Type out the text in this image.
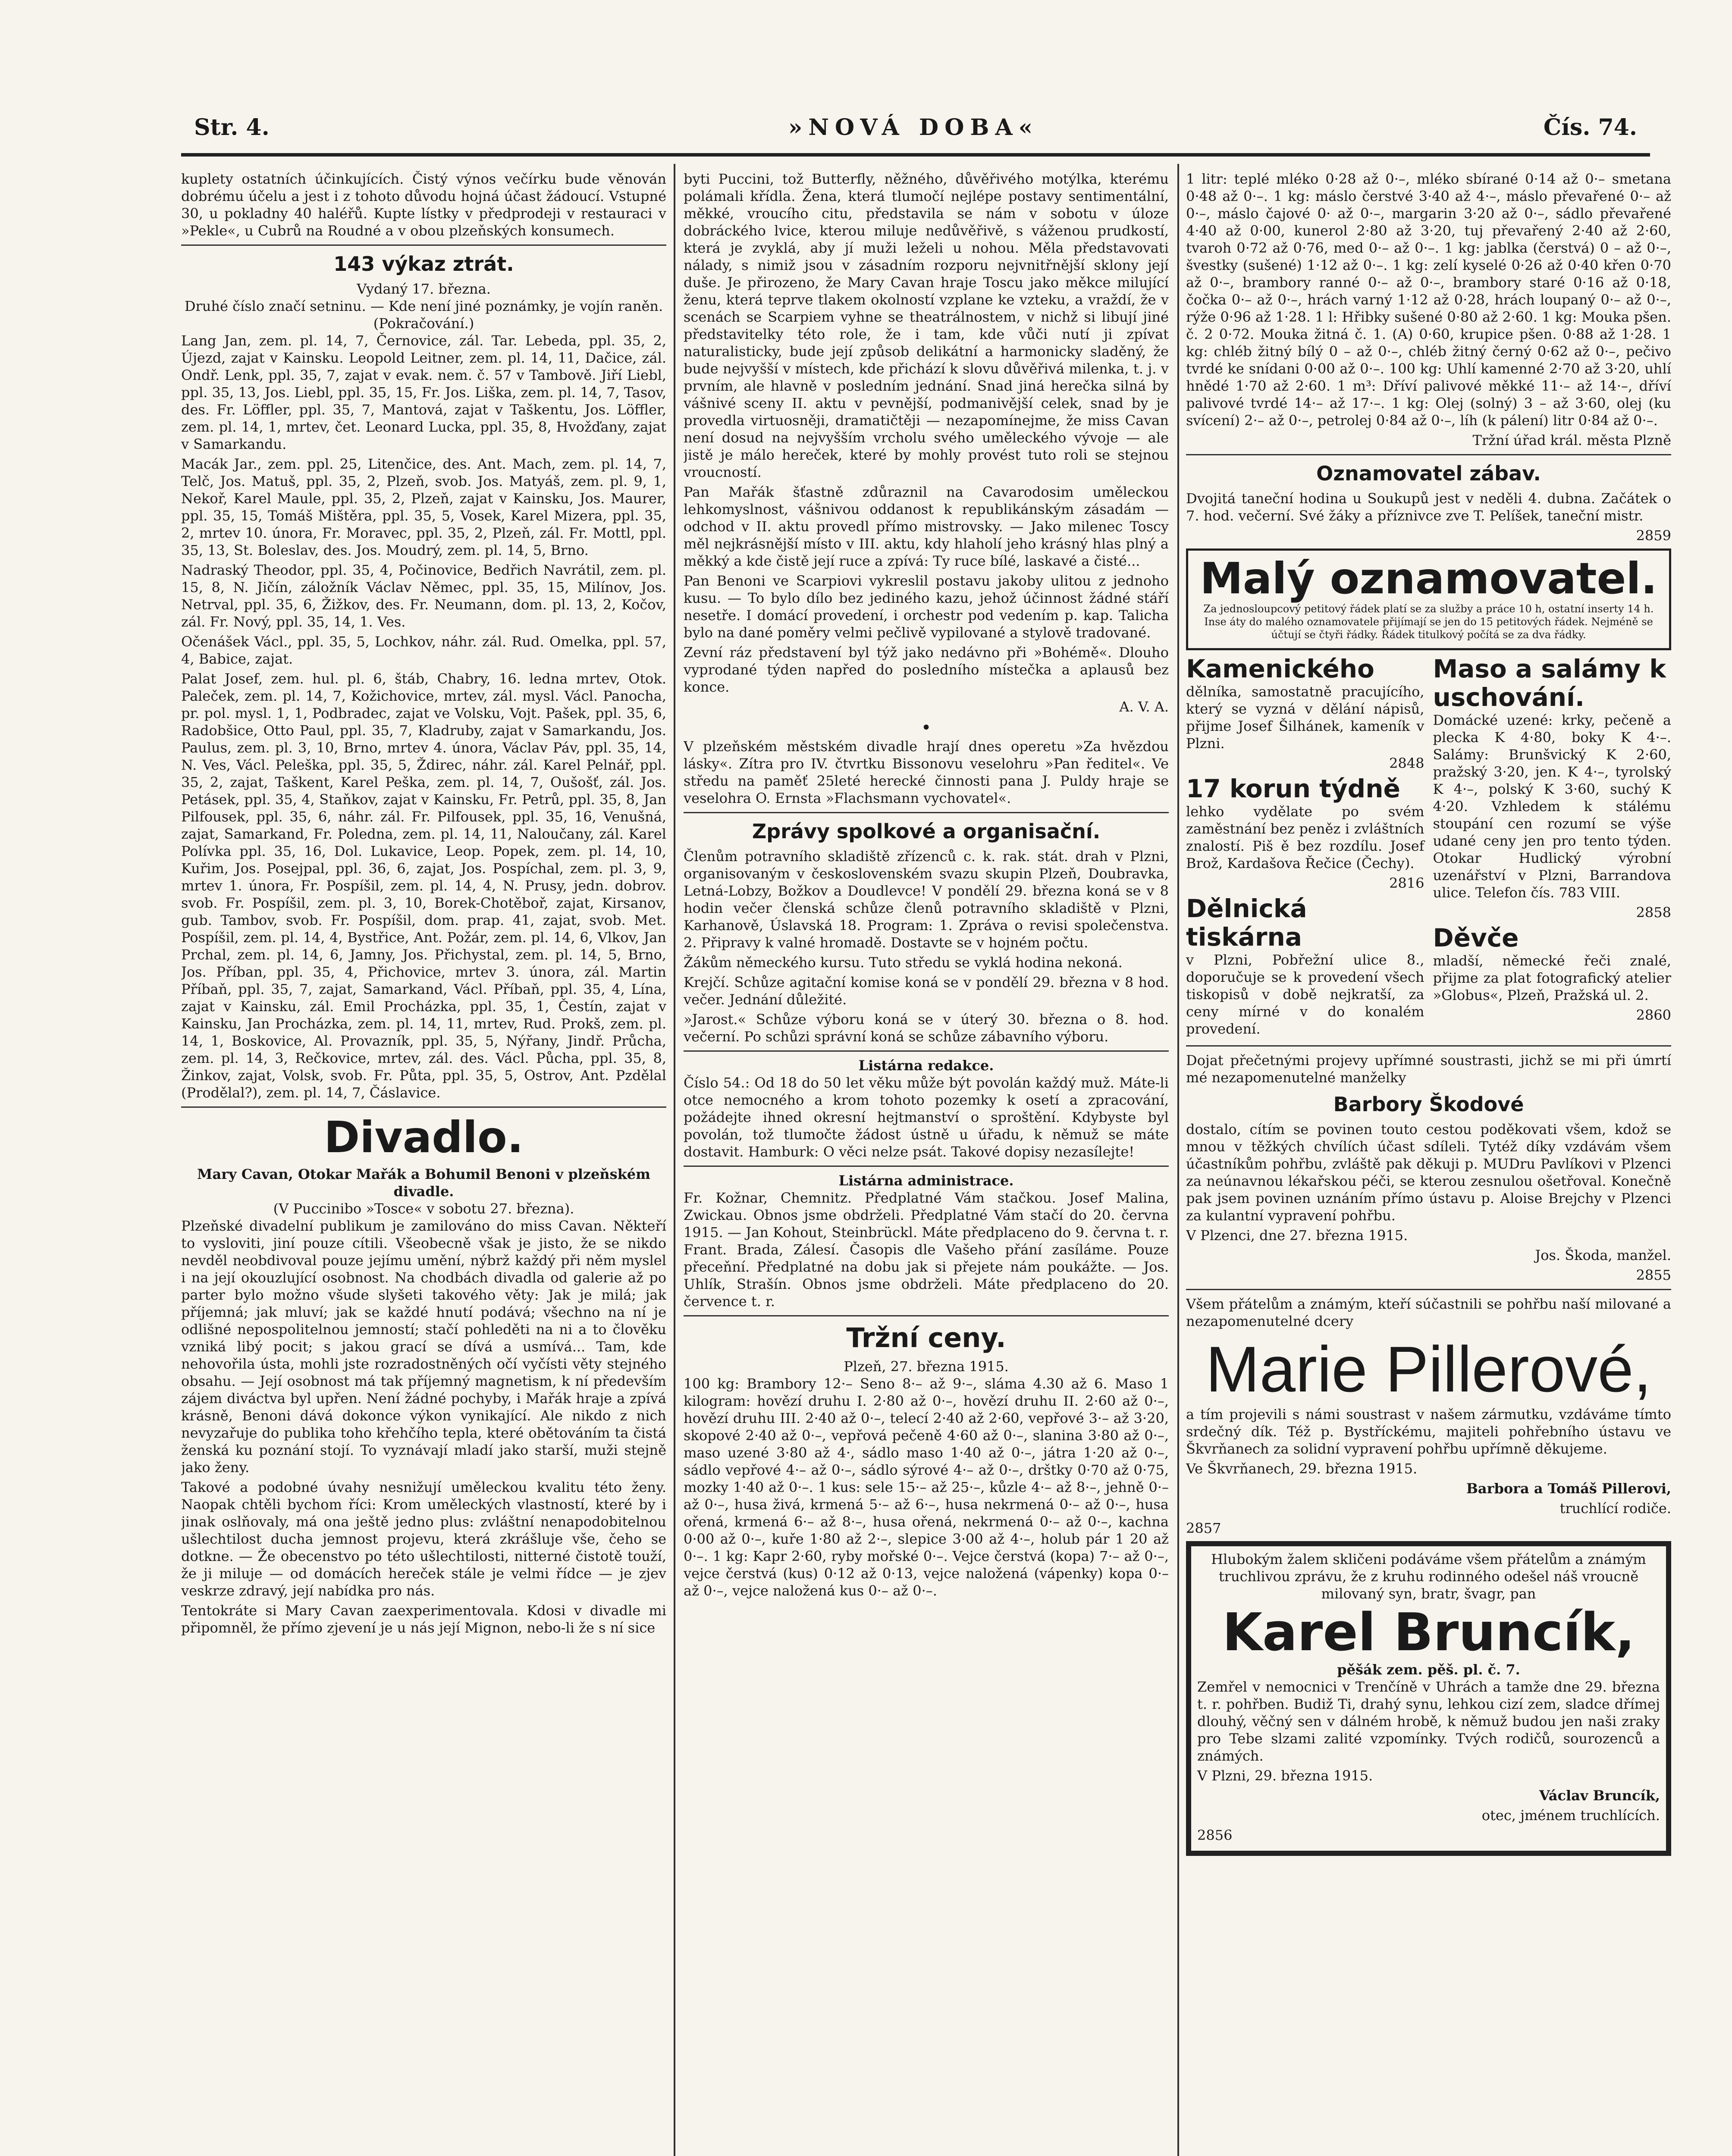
Str. 4.	»NOVÁ DOBA«	Čís. 74.

kuplety ostatních účinkujících. Čistý výnos večírku bude věnován dobrému účelu a jest i z tohoto důvodu hojná účast žádoucí. Vstupné 30, u pokladny 40 haléřů. Kupte lístky v předprodeji v restauraci v »Pekle«, u Cubrů na Roudné a v obou plzeňských konsumech.

143 výkaz ztrát.
Vydaný 17. března.
Druhé číslo značí setninu. — Kde není jiné poznámky, je vojín raněn. (Pokračování.)

Lang Jan, zem. pl. 14, 7, Černovice, zál. Tar. Lebeda, ppl. 35, 2, Újezd, zajat v Kainsku. Leopold Leitner, zem. pl. 14, 11, Dačice, zál. Ondř. Lenk, ppl. 35, 7, zajat v evak. nem. č. 57 v Tambově. Jiří Liebl, ppl. 35, 13, Jos. Liebl, ppl. 35, 15, Fr. Jos. Liška, zem. pl. 14, 7, Tasov, des. Fr. Löffler, ppl. 35, 7, Mantová, zajat v Taškentu, Jos. Löffler, zem. pl. 14, 1, mrtev, čet. Leonard Lucka, ppl. 35, 8, Hvožďany, zajat v Samarkandu.

Macák Jar., zem. ppl. 25, Litenčice, des. Ant. Mach, zem. pl. 14, 7, Telč, Jos. Matuš, ppl. 35, 2, Plzeň, svob. Jos. Matyáš, zem. pl. 9, 1, Nekoř, Karel Maule, ppl. 35, 2, Plzeň, zajat v Kainsku, Jos. Maurer, ppl. 35, 15, Tomáš Mištěra, ppl. 35, 5, Vosek, Karel Mizera, ppl. 35, 2, mrtev 10. února, Fr. Moravec, ppl. 35, 2, Plzeň, zál. Fr. Mottl, ppl. 35, 13, St. Boleslav, des. Jos. Moudrý, zem. pl. 14, 5, Brno.

Nadraský Theodor, ppl. 35, 4, Počinovice, Bedřich Navrátil, zem. pl. 15, 8, N. Jičín, záložník Václav Němec, ppl. 35, 15, Milínov, Jos. Netrval, ppl. 35, 6, Žižkov, des. Fr. Neumann, dom. pl. 13, 2, Kočov, zál. Fr. Nový, ppl. 35, 14, 1. Ves.

Očenášek Václ., ppl. 35, 5, Lochkov, náhr. zál. Rud. Omelka, ppl. 57, 4, Babice, zajat.

Palat Josef, zem. hul. pl. 6, štáb, Chabry, 16. ledna mrtev, Otok. Paleček, zem. pl. 14, 7, Kožichovice, mrtev, zál. mysl. Václ. Panocha, pr. pol. mysl. 1, 1, Podbradec, zajat ve Volsku, Vojt. Pašek, ppl. 35, 6, Radobšice, Otto Paul, ppl. 35, 7, Kladruby, zajat v Samarkandu, Jos. Paulus, zem. pl. 3, 10, Brno, mrtev 4. února, Václav Páv, ppl. 35, 14, N. Ves, Václ. Peleška, ppl. 35, 5, Ždirec, náhr. zál. Karel Pelnář, ppl. 35, 2, zajat, Taškent, Karel Peška, zem. pl. 14, 7, Oušošť, zál. Jos. Petásek, ppl. 35, 4, Staňkov, zajat v Kainsku, Fr. Petrů, ppl. 35, 8, Jan Pilfousek, ppl. 35, 6, náhr. zál. Fr. Pilfousek, ppl. 35, 16, Venušná, zajat, Samarkand, Fr. Poledna, zem. pl. 14, 11, Naloučany, zál. Karel Polívka ppl. 35, 16, Dol. Lukavice, Leop. Popek, zem. pl. 14, 10, Kuřim, Jos. Posejpal, ppl. 36, 6, zajat, Jos. Pospíchal, zem. pl. 3, 9, mrtev 1. února, Fr. Pospíšil, zem. pl. 14, 4, N. Prusy, jedn. dobrov. svob. Fr. Pospíšil, zem. pl. 3, 10, Borek-Chotěboř, zajat, Kirsanov, gub. Tambov, svob. Fr. Pospíšil, dom. prap. 41, zajat, svob. Met. Pospíšil, zem. pl. 14, 4, Bystřice, Ant. Požár, zem. pl. 14, 6, Vlkov, Jan Prchal, zem. pl. 14, 6, Jamny, Jos. Přichystal, zem. pl. 14, 5, Brno, Jos. Příban, ppl. 35, 4, Přichovice, mrtev 3. února, zál. Martin Příbaň, ppl. 35, 7, zajat, Samarkand, Václ. Příbaň, ppl. 35, 4, Lína, zajat v Kainsku, zál. Emil Procházka, ppl. 35, 1, Čestín, zajat v Kainsku, Jan Procházka, zem. pl. 14, 11, mrtev, Rud. Prokš, zem. pl. 14, 1, Boskovice, Al. Provazník, ppl. 35, 5, Nýřany, Jindř. Průcha, zem. pl. 14, 3, Rečkovice, mrtev, zál. des. Václ. Půcha, ppl. 35, 8, Žinkov, zajat, Volsk, svob. Fr. Půta, ppl. 35, 5, Ostrov, Ant. Pzdělal (Prodělal?), zem. pl. 14, 7, Čáslavice.

Divadlo.
Mary Cavan, Otokar Mařák a Bohumil Benoni v plzeňském divadle.
(V Puccinibo »Tosce« v sobotu 27. března).

Plzeňské divadelní publikum je zamilováno do miss Cavan. Někteří to vysloviti, jiní pouze cítili. Všeobecně však je jisto, že se nikdo nevděl neobdivoval pouze jejímu umění, nýbrž každý při něm myslel i na její okouzlující osobnost. Na chodbách divadla od galerie až po parter bylo možno všude slyšeti takového věty: Jak je milá; jak příjemná; jak mluví; jak se každé hnutí podává; všechno na ní je odlišné nepospolitelnou jemností; stačí pohleděti na ni a to člověku vzniká libý pocit; s jakou grací se dívá a usmívá... Tam, kde nehovořila ústa, mohli jste rozradostněných očí vyčísti věty stejného obsahu. — Její osobnost má tak příjemný magnetism, k ní především zájem diváctva byl upřen. Není žádné pochyby, i Mařák hraje a zpívá krásně, Benoni dává dokonce výkon vynikající. Ale nikdo z nich nevyzařuje do publika toho křehčího tepla, které obětováním ta čistá ženská ku poznání stojí. To vyznávají mladí jako starší, muži stejně jako ženy.

Takové a podobné úvahy nesnižují uměleckou kvalitu této ženy. Naopak chtěli bychom říci: Krom uměleckých vlastností, které by i jinak oslňovaly, má ona ještě jedno plus: zvláštní nenapodobitelnou ušlechtilost ducha jemnost projevu, která zkrášluje vše, čeho se dotkne. — Že obecenstvo po této ušlechtilosti, nitterné čistotě touží, že ji miluje — od domácích hereček stále je velmi řídce — je zjev veskrze zdravý, její nabídka pro nás.

Tentokráte si Mary Cavan zaexperimentovala. Kdosi v divadle mi připomněl, že přímo zjevení je u nás její Mignon, nebo-li že s ní sice

byti Puccini, tož Butterfly, něžného, důvěřivého motýlka, kterému polámali křídla. Žena, která tlumočí nejlépe postavy sentimentální, měkké, vroucího citu, představila se nám v sobotu v úloze dobráckého lvice, kterou miluje nedůvěřivě, s váženou prudkostí, která je zvyklá, aby jí muži leželi u nohou. Měla představovati nálady, s nimiž jsou v zásadním rozporu nejvnitřnější sklony její duše. Je přirozeno, že Mary Cavan hraje Toscu jako měkce milující ženu, která teprve tlakem okolností vzplane ke vzteku, a vraždí, že v scenách se Scarpiem vyhne se theatrálnostem, v nichž si libují jiné představitelky této role, že i tam, kde vůči nutí ji zpívat naturalisticky, bude její způsob delikátní a harmonicky sladěný, že bude nejvyšší v místech, kde přichází k slovu důvěřivá milenka, t. j. v prvním, ale hlavně v posledním jednání. Snad jiná herečka silná by vášnivé sceny II. aktu v pevnější, podmanivější celek, snad by je provedla virtuosněji, dramatičtěji — nezapomínejme, že miss Cavan není dosud na nejvyšším vrcholu svého uměleckého vývoje — ale jistě je málo hereček, které by mohly provést tuto roli se stejnou vroucností.

Pan Mařák šťastně zdůraznil na Cavarodosim uměleckou lehkomyslnost, vášnivou oddanost k republikánským zásadám — odchod v II. aktu provedl přímo mistrovsky. — Jako milenec Toscy měl nejkrásnější místo v III. aktu, kdy hlaholí jeho krásný hlas plný a měkký a kde čistě její ruce a zpívá: Ty ruce bílé, laskavé a čisté...

Pan Benoni ve Scarpiovi vykreslil postavu jakoby ulitou z jednoho kusu. — To bylo dílo bez jediného kazu, jehož účinnost žádné stáří nesetře. I domácí provedení, i orchestr pod vedením p. kap. Talicha bylo na dané poměry velmi pečlivě vypilované a stylově tradované.

Zevní ráz představení byl týž jako nedávno při »Bohémě«. Dlouho vyprodané týden napřed do posledního místečka a aplausů bez konce.

A. V. A.

•

V plzeňském městském divadle hrají dnes operetu »Za hvězdou lásky«. Zítra pro IV. čtvrtku Bissonovu veselohru »Pan ředitel«. Ve středu na paměť 25leté herecké činnosti pana J. Puldy hraje se veselohra O. Ernsta »Flachsmann vychovatel«.

Zprávy spolkové a organisační.

Členům potravního skladiště zřízenců c. k. rak. stát. drah v Plzni, organisovaným v československém svazu skupin Plzeň, Doubravka, Letná-Lobzy, Božkov a Doudlevce! V pondělí 29. března koná se v 8 hodin večer členská schůze členů potravního skladiště v Plzni, Karhanově, Úslavská 18. Program: 1. Zpráva o revisi společenstva. 2. Připravy k valné hromadě. Dostavte se v hojném počtu.

Žákům německého kursu. Tuto středu se vyklá hodina nekoná.

Krejčí. Schůze agitační komise koná se v pondělí 29. března v 8 hod. večer. Jednání důležité.

»Jarost.« Schůze výboru koná se v úterý 30. března o 8. hod. večerní. Po schůzi správní koná se schůze zábavního výboru.

Listárna redakce.

Číslo 54.: Od 18 do 50 let věku může být povolán každý muž. Máte-li otce nemocného a krom tohoto pozemky k osetí a zpracování, požádejte ihned okresní hejtmanství o sproštění. Kdybyste byl povolán, tož tlumočte žádost ústně u úřadu, k němuž se máte dostavit. Hamburk: O věci nelze psát. Takové dopisy nezasílejte!

Listárna administrace.

Fr. Kožnar, Chemnitz. Předplatné Vám stačkou. Josef Malina, Zwickau. Obnos jsme obdrželi. Předplatné Vám stačí do 20. června 1915. — Jan Kohout, Steinbrückl. Máte předplaceno do 9. června t. r. Frant. Brada, Zálesí. Časopis dle Vašeho přání zasíláme. Pouze přeceňní. Předplatné na dobu jak si přejete nám poukážte. — Jos. Uhlík, Strašín. Obnos jsme obdrželi. Máte předplaceno do 20. července t. r.

Tržní ceny.
Plzeň, 27. března 1915.

100 kg: Brambory 12·– Seno 8·– až 9·–, sláma 4.30 až 6. Maso 1 kilogram: hovězí druhu I. 2·80 až 0·–, hovězí druhu II. 2·60 až 0·–, hovězí druhu III. 2·40 až 0·–, telecí 2·40 až 2·60, vepřové 3·– až 3·20, skopové 2·40 až 0·–, vepřová pečeně 4·60 až 0·–, slanina 3·80 až 0·–, maso uzené 3·80 až 4·, sádlo maso 1·40 až 0·–, játra 1·20 až 0·–, sádlo vepřové 4·– až 0·–, sádlo sýrové 4·– až 0·–, drštky 0·70 až 0·75, mozky 1·40 až 0·–. 1 kus: sele 15·– až 25·–, kůzle 4·– až 8·–, jehně 0·– až 0·–, husa živá, krmená 5·– až 6·–, husa nekrmená 0·– až 0·–, husa ořená, krmená 6·– až 8·–, husa ořená, nekrmená 0·– až 0·–, kachna 0·00 až 0·–, kuře 1·80 až 2·–, slepice 3·00 až 4·–, holub pár 1 20 až 0·–. 1 kg: Kapr 2·60, ryby mořské 0·–. Vejce čerstvá (kopa) 7·– až 0·–, vejce čerstvá (kus) 0·12 až 0·13, vejce naložená (vápenky) kopa 0·– až 0·–, vejce naložená kus 0·– až 0·–.

1 litr: teplé mléko 0·28 až 0·–, mléko sbírané 0·14 až 0·– smetana 0·48 až 0·–. 1 kg: máslo čerstvé 3·40 až 4·–, máslo převařené 0·– až 0·–, máslo čajové 0· až 0·–, margarin 3·20 až 0·–, sádlo převařené 4·40 až 0·00, kunerol 2·80 až 3·20, tuj převařený 2·40 až 2·60, tvaroh 0·72 až 0·76, med 0·– až 0·–. 1 kg: jablka (čerstvá) 0 – až 0·–, švestky (sušené) 1·12 až 0·–. 1 kg: zelí kyselé 0·26 až 0·40 křen 0·70 až 0·–, brambory ranné 0·– až 0·–, brambory staré 0·16 až 0·18, čočka 0·– až 0·–, hrách varný 1·12 až 0·28, hrách loupaný 0·– až 0·–, rýže 0·96 až 1·28. 1 l: Hřibky sušené 0·80 až 2·60. 1 kg: Mouka pšen. č. 2 0·72. Mouka žitná č. 1. (A) 0·60, krupice pšen. 0·88 až 1·28. 1 kg: chléb žitný bílý 0 – až 0·–, chléb žitný černý 0·62 až 0·–, pečivo tvrdé ke snídani 0·00 až 0·–. 100 kg: Uhlí kamenné 2·70 až 3·20, uhlí hnědé 1·70 až 2·60. 1 m³: Dříví palivové měkké 11·– až 14·–, dříví palivové tvrdé 14·– až 17·–. 1 kg: Olej (solný) 3 – až 3·60, olej (ku svícení) 2·– až 0·–, petrolej 0·84 až 0·–, líh (k pálení) litr 0·84 až 0·–.

Tržní úřad král. města Plzně

Oznamovatel zábav.

Dvojitá taneční hodina u Soukupů jest v neděli 4. dubna. Začátek o 7. hod. večerní. Své žáky a příznivce zve T. Pelíšek, taneční mistr.

2859

Malý oznamovatel.

Za jednosloupcový petitový řádek platí se za služby a práce 10 h, ostatní inserty 14 h. Inse áty do malého oznamovatele přijímají se jen do 15 petitových řádek. Nejméně se účtují se čtyři řádky. Řádek titulkový počítá se za dva řádky.

Kamenického

dělníka, samostatně pracujícího, který se vyzná v dělání nápisů, přijme Josef Šilhánek, kameník v Plzni.

2848

17 korun týdně

lehko vydělate po svém zaměstnání bez peněz i zvláštních znalostí. Piš ě bez rozdílu. Josef Brož, Kardašova Řečice (Čechy).

2816

Dělnická tiskárna

v Plzni, Pobřežní ulice 8., doporučuje se k provedení všech tiskopisů v době nejkratší, za ceny mírné v do konalém provedení.

Maso a salámy k uschování.

Domácké uzené: krky, pečeně a plecka K 4·80, boky K 4·–. Salámy: Brunšvický K 2·60, pražský 3·20, jen. K 4·–, tyrolský K 4·–, polský K 3·60, suchý K 4·20. Vzhledem k stálému stoupání cen rozumí se výše udané ceny jen pro tento týden. Otokar Hudlický výrobní uzenářství v Plzni, Barrandova ulice. Telefon čís. 783 VIII.

2858

Děvče

mladší, německé řeči znalé, přijme za plat fotografický atelier »Globus«, Plzeň, Pražská ul. 2.

2860

Dojat přečetnými projevy upřímné soustrasti, jichž se mi při úmrtí mé nezapomenutelné manželky

Barbory Škodové

dostalo, cítím se povinen touto cestou poděkovati všem, kdož se mnou v těžkých chvílích účast sdíleli. Tytéž díky vzdávám všem účastníkům pohřbu, zvláště pak děkuji p. MUDru Pavlíkovi v Plzenci za neúnavnou lékařskou péči, se kterou zesnulou ošetřoval. Konečně pak jsem povinen uznáním přímo ústavu p. Aloise Brejchy v Plzenci za kulantní vypravení pohřbu.

V Plzenci, dne 27. března 1915.

Jos. Škoda, manžel.

2855

Všem přátelům a známým, kteří súčastnili se pohřbu naší milované a nezapomenutelné dcery

Marie Pillerové,

a tím projevili s námi soustrast v našem zármutku, vzdáváme tímto srdečný dík. Též p. Bystříckému, majiteli pohřebního ústavu ve Škvrňanech za solidní vypravení pohřbu upřímně děkujeme.

Ve Škvrňanech, 29. března 1915.

Barbora a Tomáš Pillerovi,

truchlící rodiče.

2857

Hlubokým žalem skličeni podáváme všem přátelům a známým truchlivou zprávu, že z kruhu rodinného odešel náš vroucně milovaný syn, bratr, švagr, pan

Karel Bruncík,
pěšák zem. pěš. pl. č. 7.

Zemřel v nemocnici v Trenčíně v Uhrách a tamže dne 29. března t. r. pohřben. Budiž Ti, drahý synu, lehkou cizí zem, sladce dřímej dlouhý, věčný sen v dálném hrobě, k němuž budou jen naši zraky pro Tebe slzami zalité vzpomínky. Tvých rodičů, sourozenců a známých.

V Plzni, 29. března 1915.

Václav Bruncík,

otec, jménem truchlících.

2856
